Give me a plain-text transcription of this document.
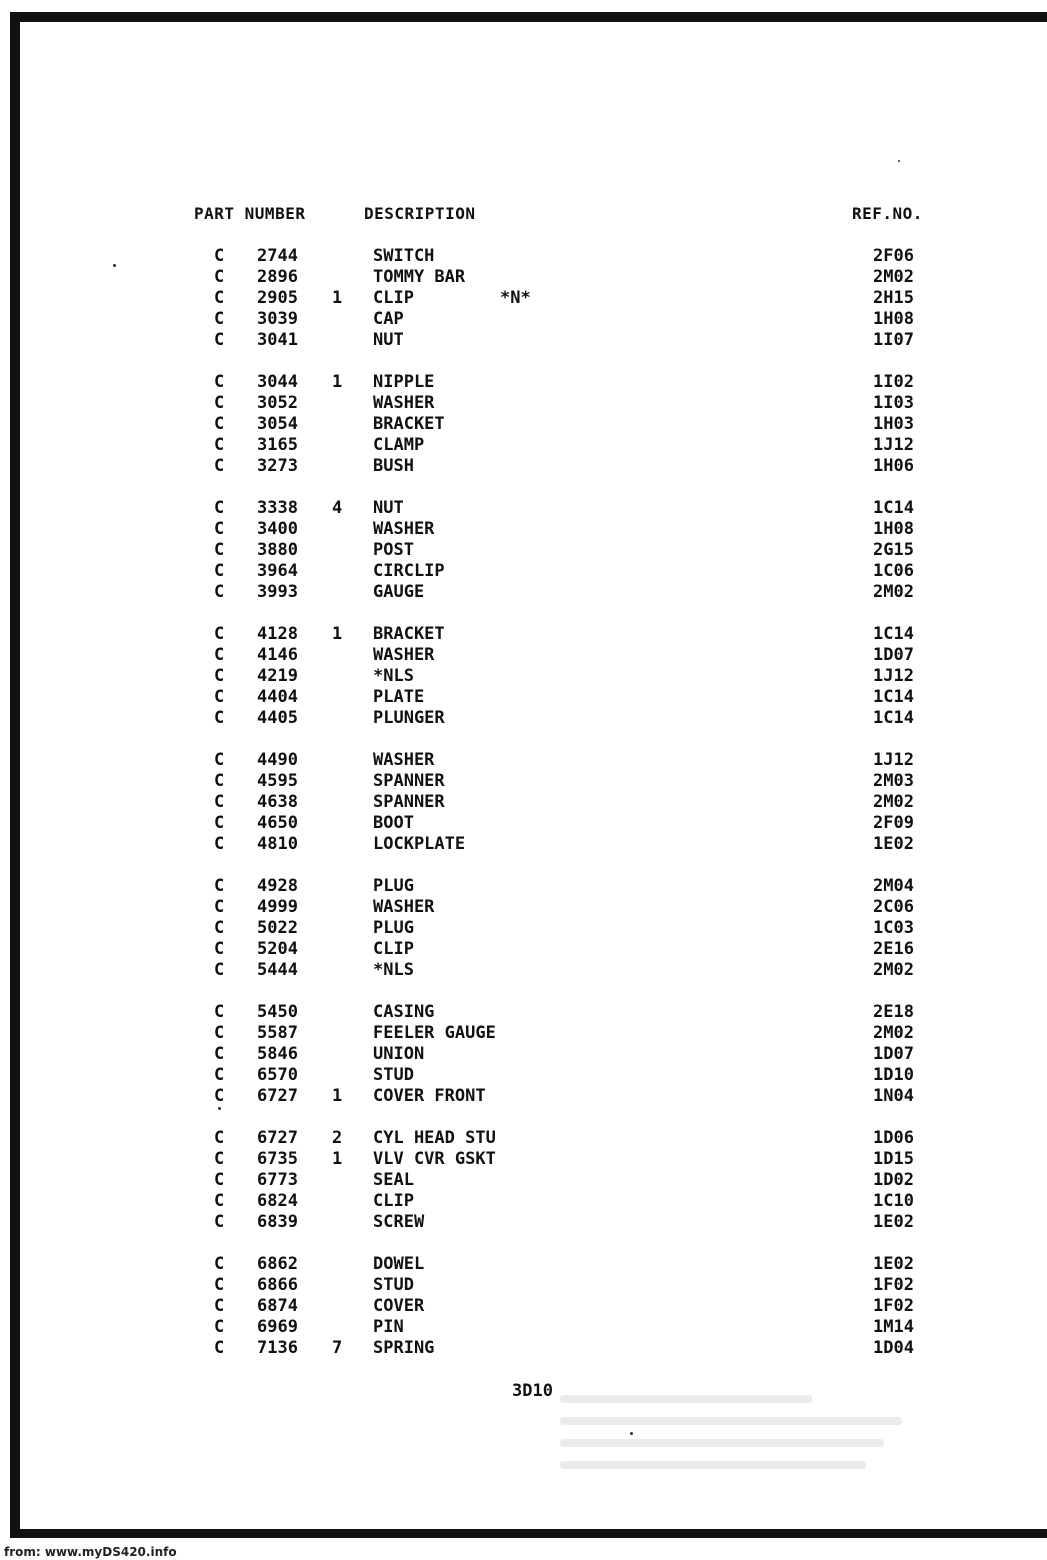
PART NUMBER	DESCRIPTION	REF.NO.
C 2744	SWITCH	2F06
C 2896	TOMMY BAR	2M02
C 2905 1 CLIP	*N*	2H15
C 3039	CAP	1H08
C 3041	NUT	1I07
C 3044 1 NIPPLE	1I02
C 3052	WASHER	1I03
C 3054	BRACKET	1H03
C 3165	CLAMP	1J12
C 3273	BUSH	1H06
C 3338 4 NUT	1C14
C 3400	WASHER	1H08
C 3880	POST	2G15
C 3964	CIRCLIP	1C06
C 3993	GAUGE	2M02
C 4128 1 BRACKET	1C14
C 4146	WASHER	1D07
C 4219	*NLS	1J12
C 4404	PLATE	1C14
C 4405	PLUNGER	1C14
C 4490	WASHER	1J12
C 4595	SPANNER	2M03
C 4638	SPANNER	2M02
C 4650	BOOT	2F09
C 4810	LOCKPLATE	1E02
C 4928	PLUG	2M04
C 4999	WASHER	2C06
C 5022	PLUG	1C03
C 5204	CLIP	2E16
C 5444	*NLS	2M02
C 5450	CASING	2E18
C 5587	FEELER GAUGE	2M02
C 5846	UNION	1D07
C 6570	STUD	1D10
C 6727 1 COVER FRONT	1N04
C 6727 2 CYL HEAD STU	1D06
C 6735 1 VLV CVR GSKT	1D15
C 6773	SEAL	1D02
C 6824	CLIP	1C10
C 6839	SCREW	1E02
C 6862	DOWEL	1E02
C 6866	STUD	1F02
C 6874	COVER	1F02
C 6969	PIN	1M14
C 7136 7 SPRING	1D04
3D10
from: www.myDS420.info
